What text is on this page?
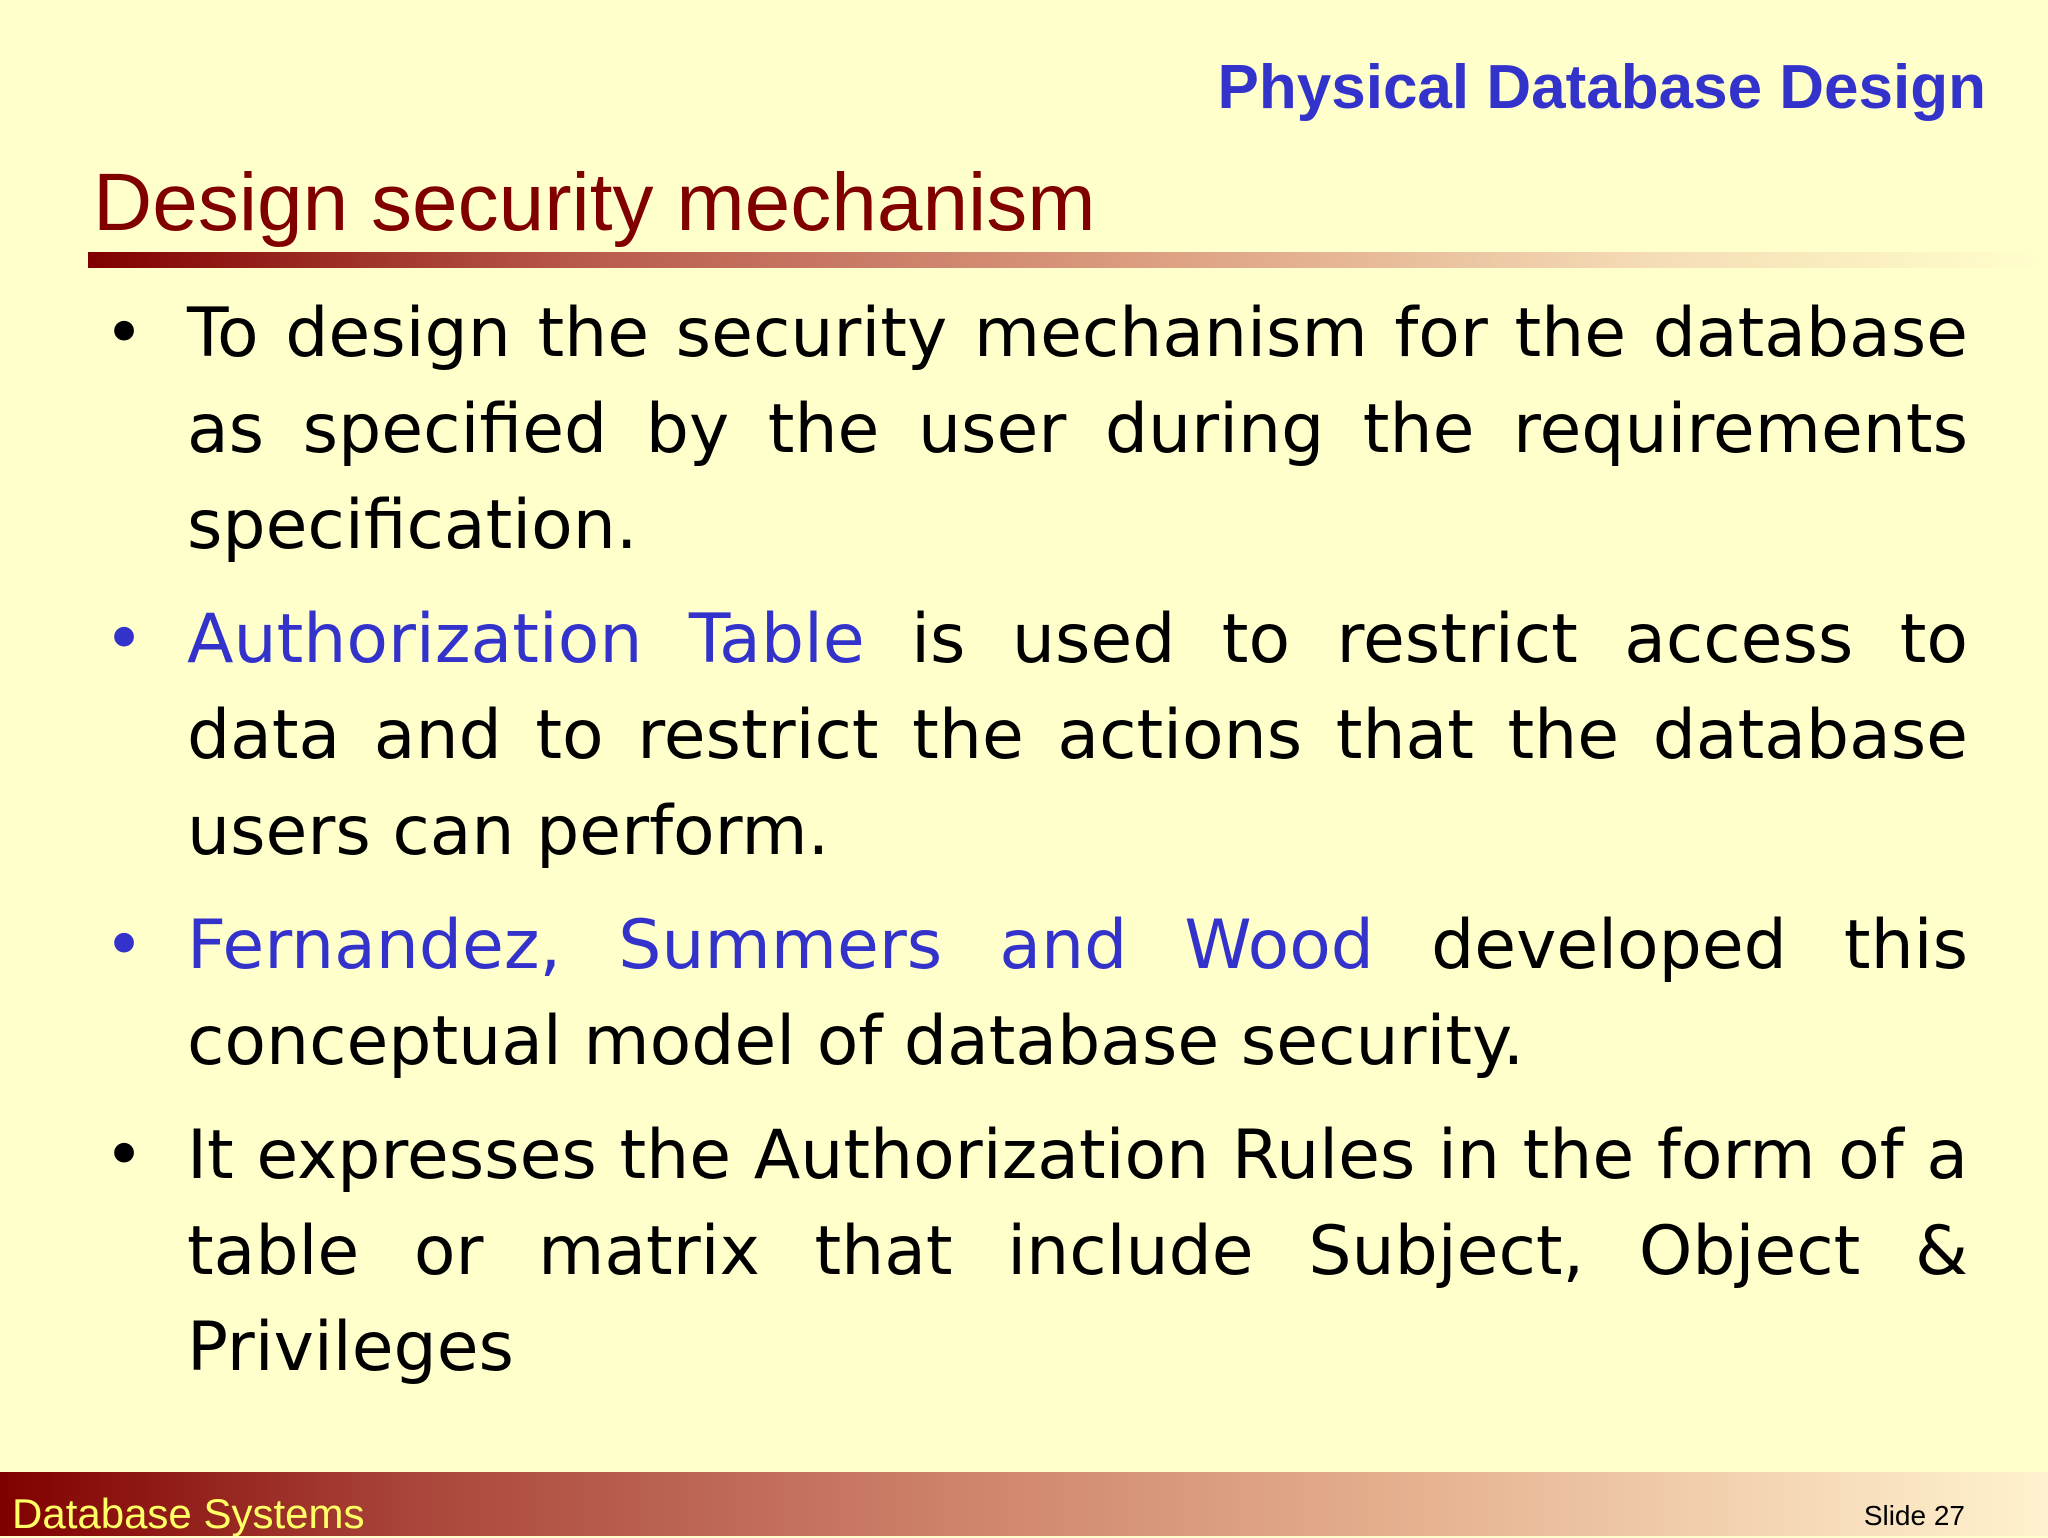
Physical Database Design
Design security mechanism
• To design the security mechanism for the database as specified by the user during the requirements specification.
• Authorization Table is used to restrict access to data and to restrict the actions that the database users can perform.
• Fernandez, Summers and Wood developed this conceptual model of database security.
• It expresses the Authorization Rules in the form of a table or matrix that include Subject, Object & Privileges
Database Systems	Slide 27
